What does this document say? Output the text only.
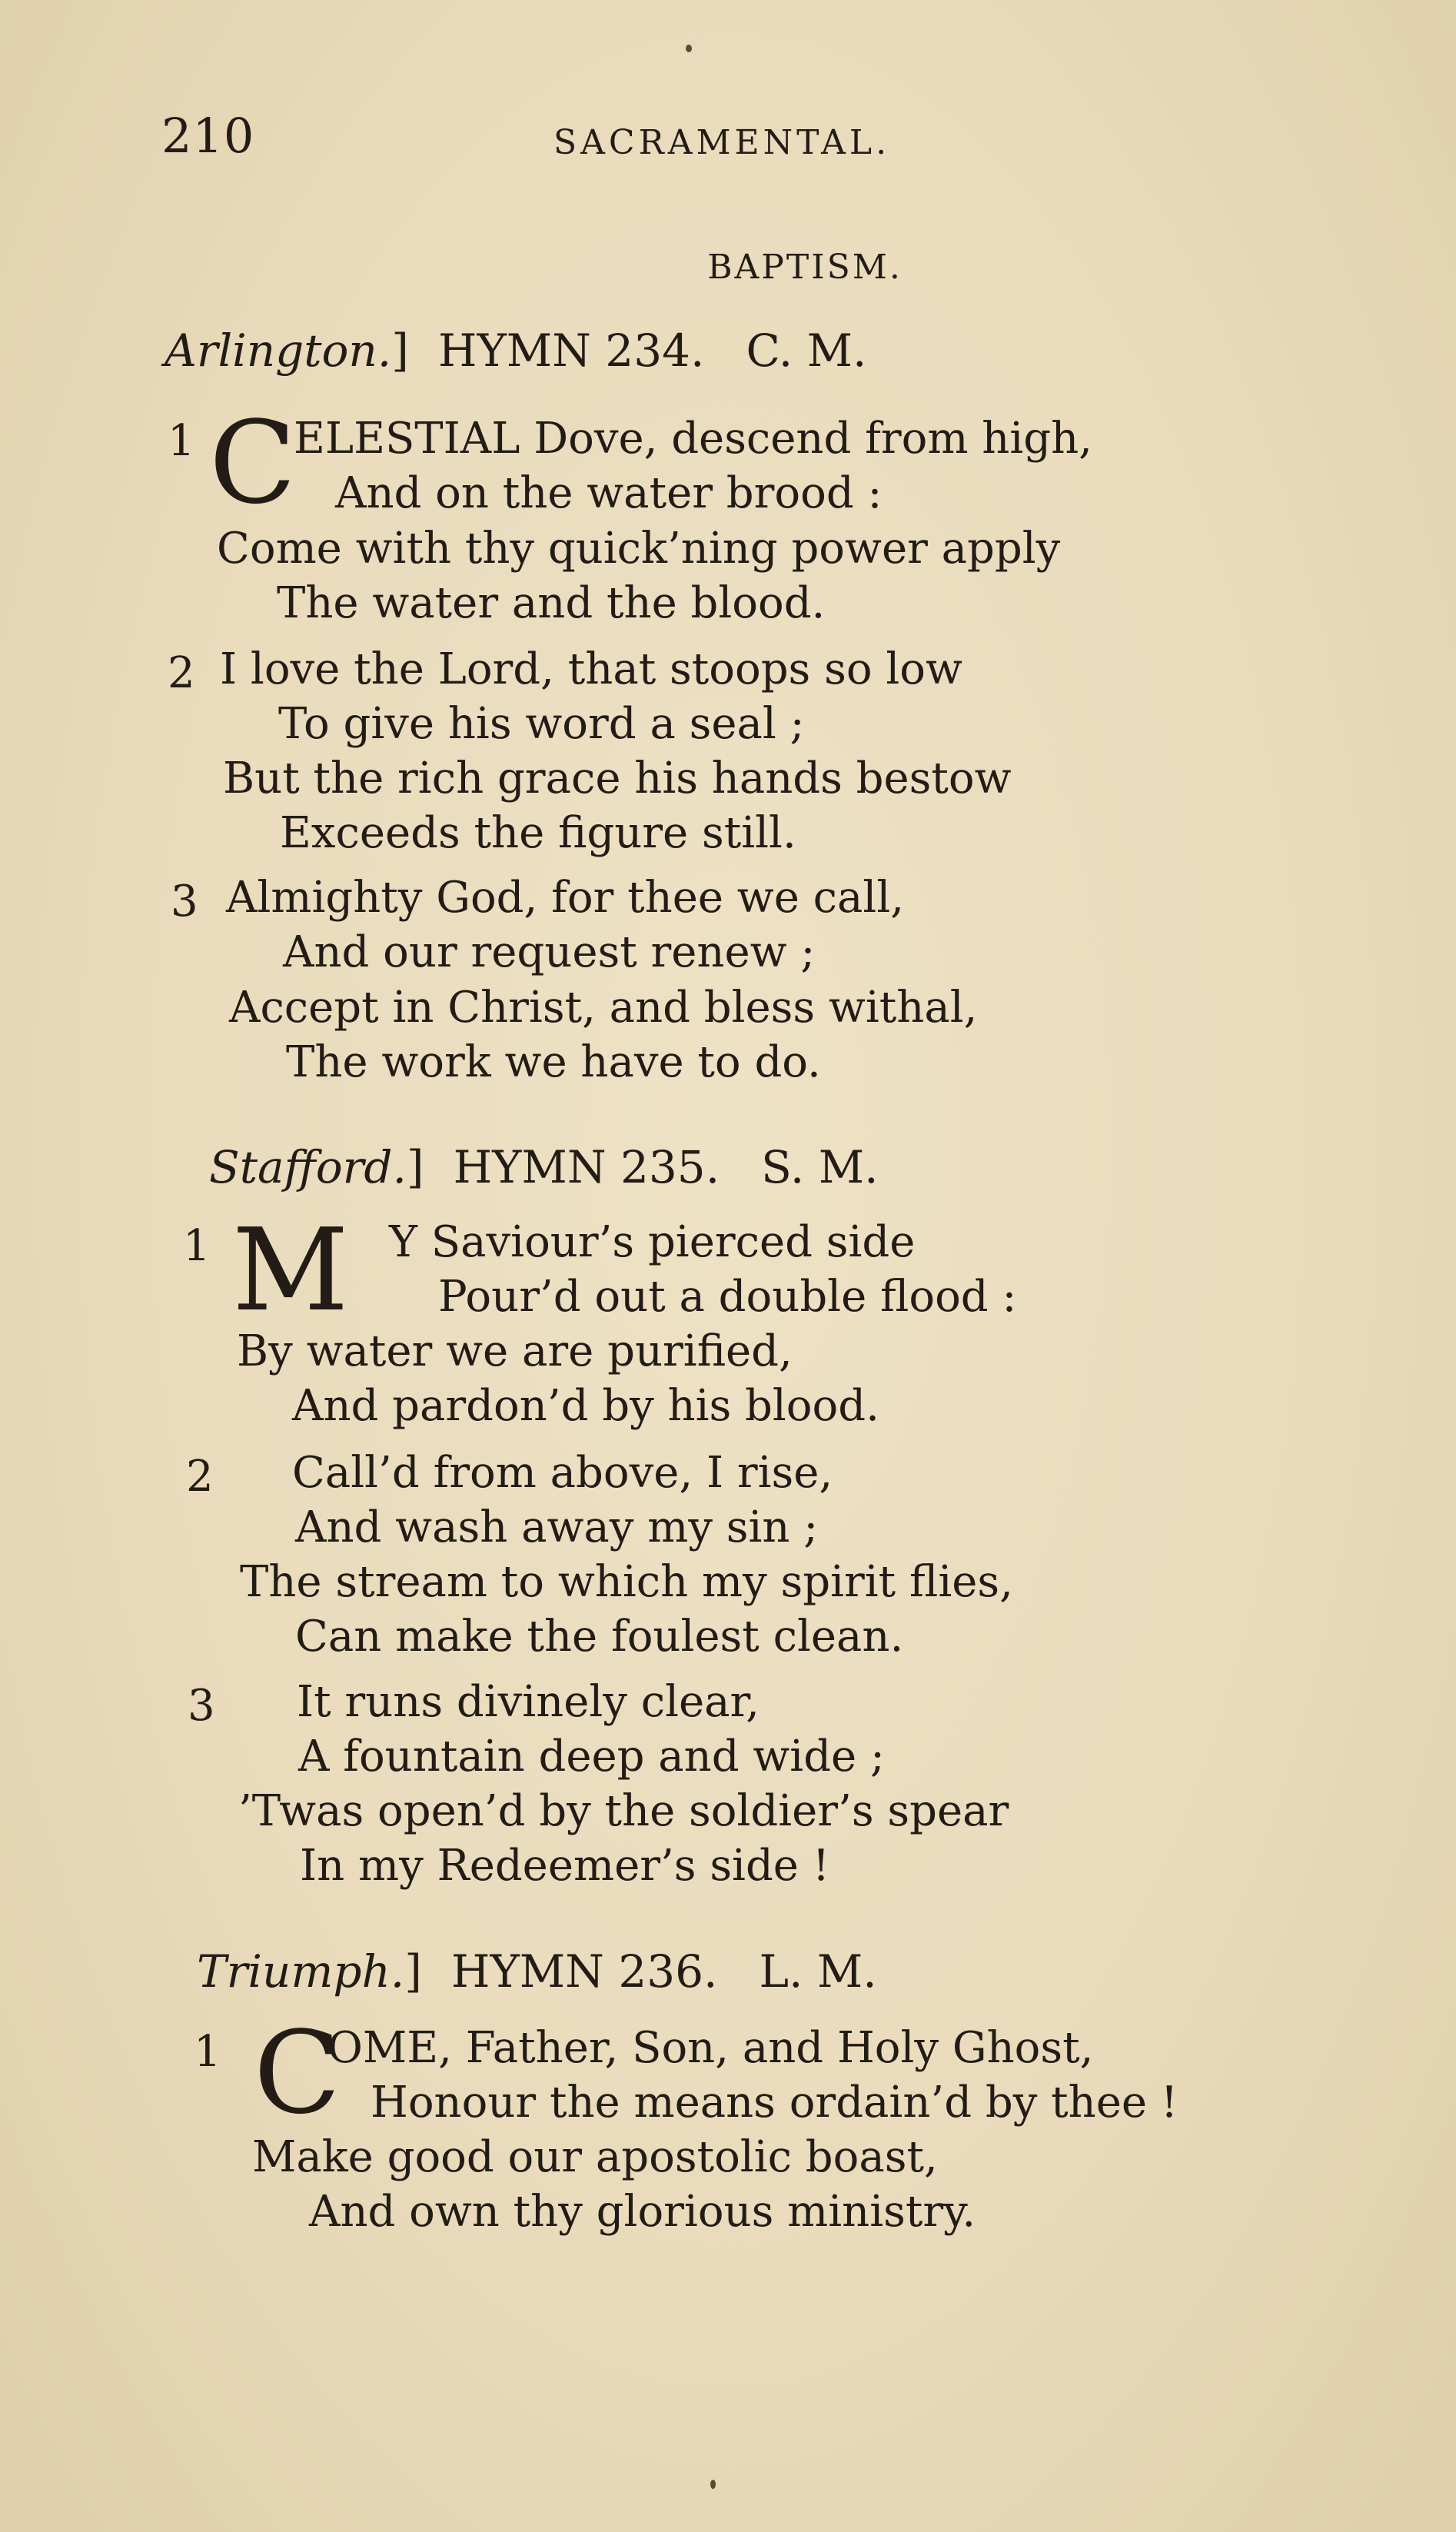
210	SACRAMENTAL.
BAPTISM.
Arlington.] HYMN 234. C. M.
1 C
ELESTIAL Dove, descend from high,
And on the water brood :
Come with thy quick’ning power apply
The water and the blood.
2 I love the Lord, that stoops so low
To give his word a seal ;
But the rich grace his hands bestow
Exceeds the figure still.
3 Almighty God, for thee we call,
And our request renew ;
Accept in Christ, and bless withal,
The work we have to do.
Stafford.] HYMN 235. S. M.
1 M Y Saviour’s pierced side
Pour’d out a double flood :
By water we are purified,
And pardon’d by his blood.
2 Call’d from above, I rise,
And wash away my sin ;
The stream to which my spirit flies,
Can make the foulest clean.
3 It runs divinely clear,
A fountain deep and wide ;
’Twas open’d by the soldier’s spear
In my Redeemer’s side !
Triumph.] HYMN 236. L. M.
1 C
OME, Father, Son, and Holy Ghost,
Honour the means ordain’d by thee !
Make good our apostolic boast,
And own thy glorious ministry.
